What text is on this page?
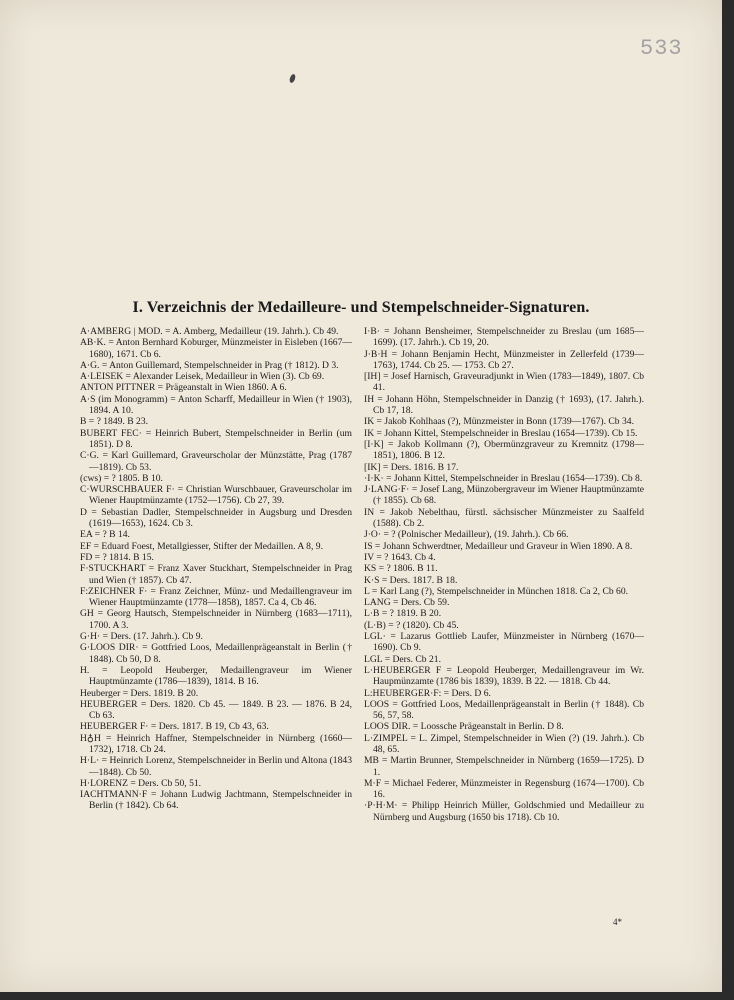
533
I. Verzeichnis der Medailleure- und Stempelschneider-Signaturen.

A·AMBERG | MOD. = A. Amberg, Medailleur (19. Jahrh.). Cb 49.

AB·K. = Anton Bernhard Koburger, Münzmeister in Eisleben (1667—1680), 1671. Cb 6.

A·G. = Anton Guillemard, Stempelschneider in Prag († 1812). D 3.

A·LEISEK = Alexander Leisek, Medailleur in Wien (3). Cb 69.

ANTON PITTNER = Prägeanstalt in Wien 1860. A 6.

A·S (im Monogramm) = Anton Scharff, Medailleur in Wien († 1903), 1894. A 10.

B = ? 1849. B 23.

BUBERT FEC· = Heinrich Bubert, Stempelschneider in Berlin (um 1851). D 8.

C·G. = Karl Guillemard, Graveurscholar der Münzstätte, Prag (1787—1819). Cb 53.

(cws) = ? 1805. B 10.

C·WURSCHBAUER F· = Christian Wurschbauer, Graveurscholar im Wiener Hauptmünzamte (1752—1756). Cb 27, 39.

D = Sebastian Dadler, Stempelschneider in Augsburg und Dresden (1619—1653), 1624. Cb 3.

EA = ? B 14.

EF = Eduard Foest, Metallgiesser, Stifter der Medaillen. A 8, 9.

FD = ? 1814. B 15.

F·STUCKHART = Franz Xaver Stuckhart, Stempelschneider in Prag und Wien († 1857). Cb 47.

F:ZEICHNER F· = Franz Zeichner, Münz- und Medaillengraveur im Wiener Hauptmünzamte (1778—1858), 1857. Ca 4, Cb 46.

GH = Georg Hautsch, Stempelschneider in Nürnberg (1683—1711), 1700. A 3.

G·H· = Ders. (17. Jahrh.). Cb 9.

G·LOOS DIR· = Gottfried Loos, Medaillenprägeanstalt in Berlin († 1848). Cb 50, D 8.

H. = Leopold Heuberger, Medaillengraveur im Wiener Hauptmünzamte (1786—1839), 1814. B 16.

Heuberger = Ders. 1819. B 20.

HEUBERGER = Ders. 1820. Cb 45. — 1849. B 23. — 1876. B 24, Cb 63.

HEUBERGER F· = Ders. 1817. B 19, Cb 43, 63.

H♁H = Heinrich Haffner, Stempelschneider in Nürnberg (1660—1732), 1718. Cb 24.

H·L· = Heinrich Lorenz, Stempelschneider in Berlin und Altona (1843—1848). Cb 50.

H·LORENZ = Ders. Cb 50, 51.

IACHTMANN·F = Johann Ludwig Jachtmann, Stempelschneider in Berlin († 1842). Cb 64.

I·B· = Johann Bensheimer, Stempelschneider zu Breslau (um 1685—1699). (17. Jahrh.). Cb 19, 20.

J·B·H = Johann Benjamin Hecht, Münzmeister in Zellerfeld (1739—1763), 1744. Cb 25. — 1753. Cb 27.

[IH] = Josef Harnisch, Graveuradjunkt in Wien (1783—1849), 1807. Cb 41.

IH = Johann Höhn, Stempelschneider in Danzig († 1693), (17. Jahrh.). Cb 17, 18.

IK = Jakob Kohlhaas (?), Münzmeister in Bonn (1739—1767). Cb 34.

IK = Johann Kittel, Stempelschneider in Breslau (1654—1739). Cb 15.

[I·K] = Jakob Kollmann (?), Obermünzgraveur zu Kremnitz (1798—1851), 1806. B 12.

[IK] = Ders. 1816. B 17.

·I·K· = Johann Kittel, Stempelschneider in Breslau (1654—1739). Cb 8.

J·LANG·F· = Josef Lang, Münzobergraveur im Wiener Hauptmünzamte († 1855). Cb 68.

IN = Jakob Nebelthau, fürstl. sächsischer Münzmeister zu Saalfeld (1588). Cb 2.

J·O· = ? (Polnischer Medailleur), (19. Jahrh.). Cb 66.

IS = Johann Schwerdtner, Medailleur und Graveur in Wien 1890. A 8.

IV = ? 1643. Cb 4.

KS = ? 1806. B 11.

K·S = Ders. 1817. B 18.

L = Karl Lang (?), Stempelschneider in München 1818. Ca 2, Cb 60.

LANG = Ders. Cb 59.

L·B = ? 1819. B 20.

(L·B) = ? (1820). Cb 45.

LGL· = Lazarus Gottlieb Laufer, Münzmeister in Nürnberg (1670—1690). Cb 9.

LGL = Ders. Cb 21.

L·HEUBERGER F = Leopold Heuberger, Medaillengraveur im Wr. Haupmünzamte (1786 bis 1839), 1839. B 22. — 1818. Cb 44.

L:HEUBERGER·F: = Ders. D 6.

LOOS = Gottfried Loos, Medaillenprägeanstalt in Berlin († 1848). Cb 56, 57, 58.

LOOS DIR. = Loossche Prägeanstalt in Berlin. D 8.

L·ZIMPEL = L. Zimpel, Stempelschneider in Wien (?) (19. Jahrh.). Cb 48, 65.

MB = Martin Brunner, Stempelschneider in Nürnberg (1659—1725). D 1.

M·F = Michael Federer, Münzmeister in Regensburg (1674—1700). Cb 16.

·P·H·M· = Philipp Heinrich Müller, Goldschmied und Medailleur zu Nürnberg und Augsburg (1650 bis 1718). Cb 10.

4*
